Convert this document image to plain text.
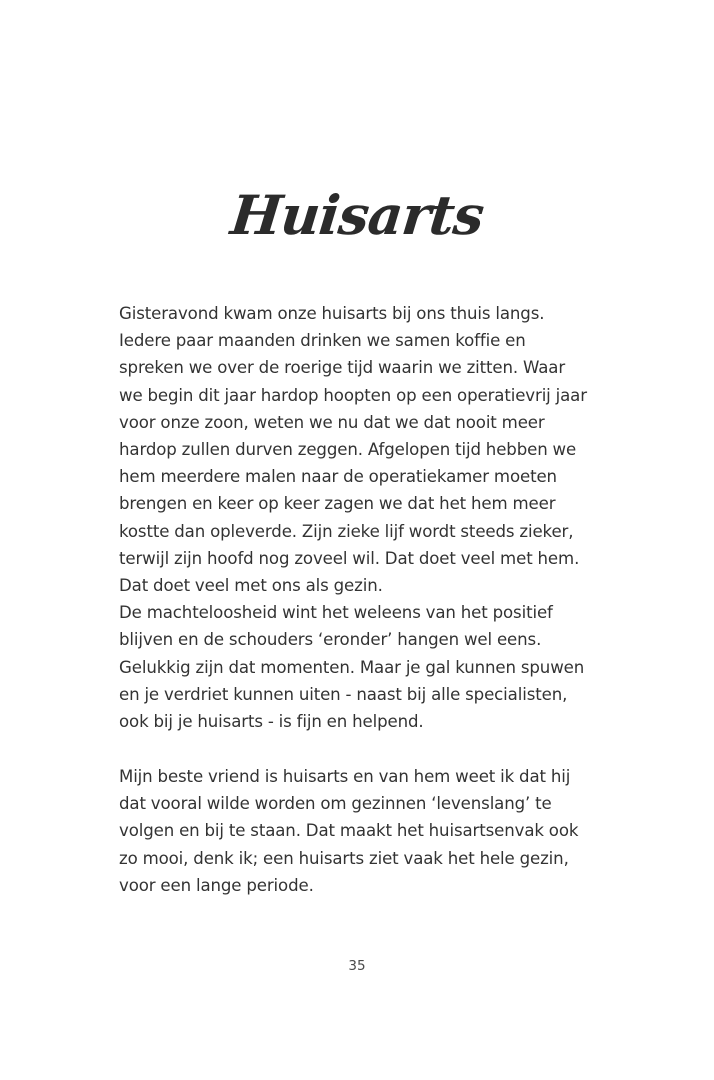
Huisarts

Gisteravond kwam onze huisarts bij ons thuis langs. Iedere paar maanden drinken we samen koffie en spreken we over de roerige tijd waarin we zitten. Waar we begin dit jaar hardop hoopten op een operatievrij jaar voor onze zoon, weten we nu dat we dat nooit meer hardop zullen durven zeggen. Afgelopen tijd hebben we hem meerdere malen naar de operatiekamer moeten brengen en keer op keer zagen we dat het hem meer kostte dan opleverde. Zijn zieke lijf wordt steeds zieker, terwijl zijn hoofd nog zoveel wil. Dat doet veel met hem. Dat doet veel met ons als gezin.

De machteloosheid wint het weleens van het positief blijven en de schouders ‘eronder’ hangen wel eens. Gelukkig zijn dat momenten. Maar je gal kunnen spuwen en je verdriet kunnen uiten - naast bij alle specialisten, ook bij je huisarts - is fijn en helpend.

Mijn beste vriend is huisarts en van hem weet ik dat hij dat vooral wilde worden om gezinnen ‘levenslang’ te volgen en bij te staan. Dat maakt het huisartsenvak ook zo mooi, denk ik; een huisarts ziet vaak het hele gezin, voor een lange periode.

35
